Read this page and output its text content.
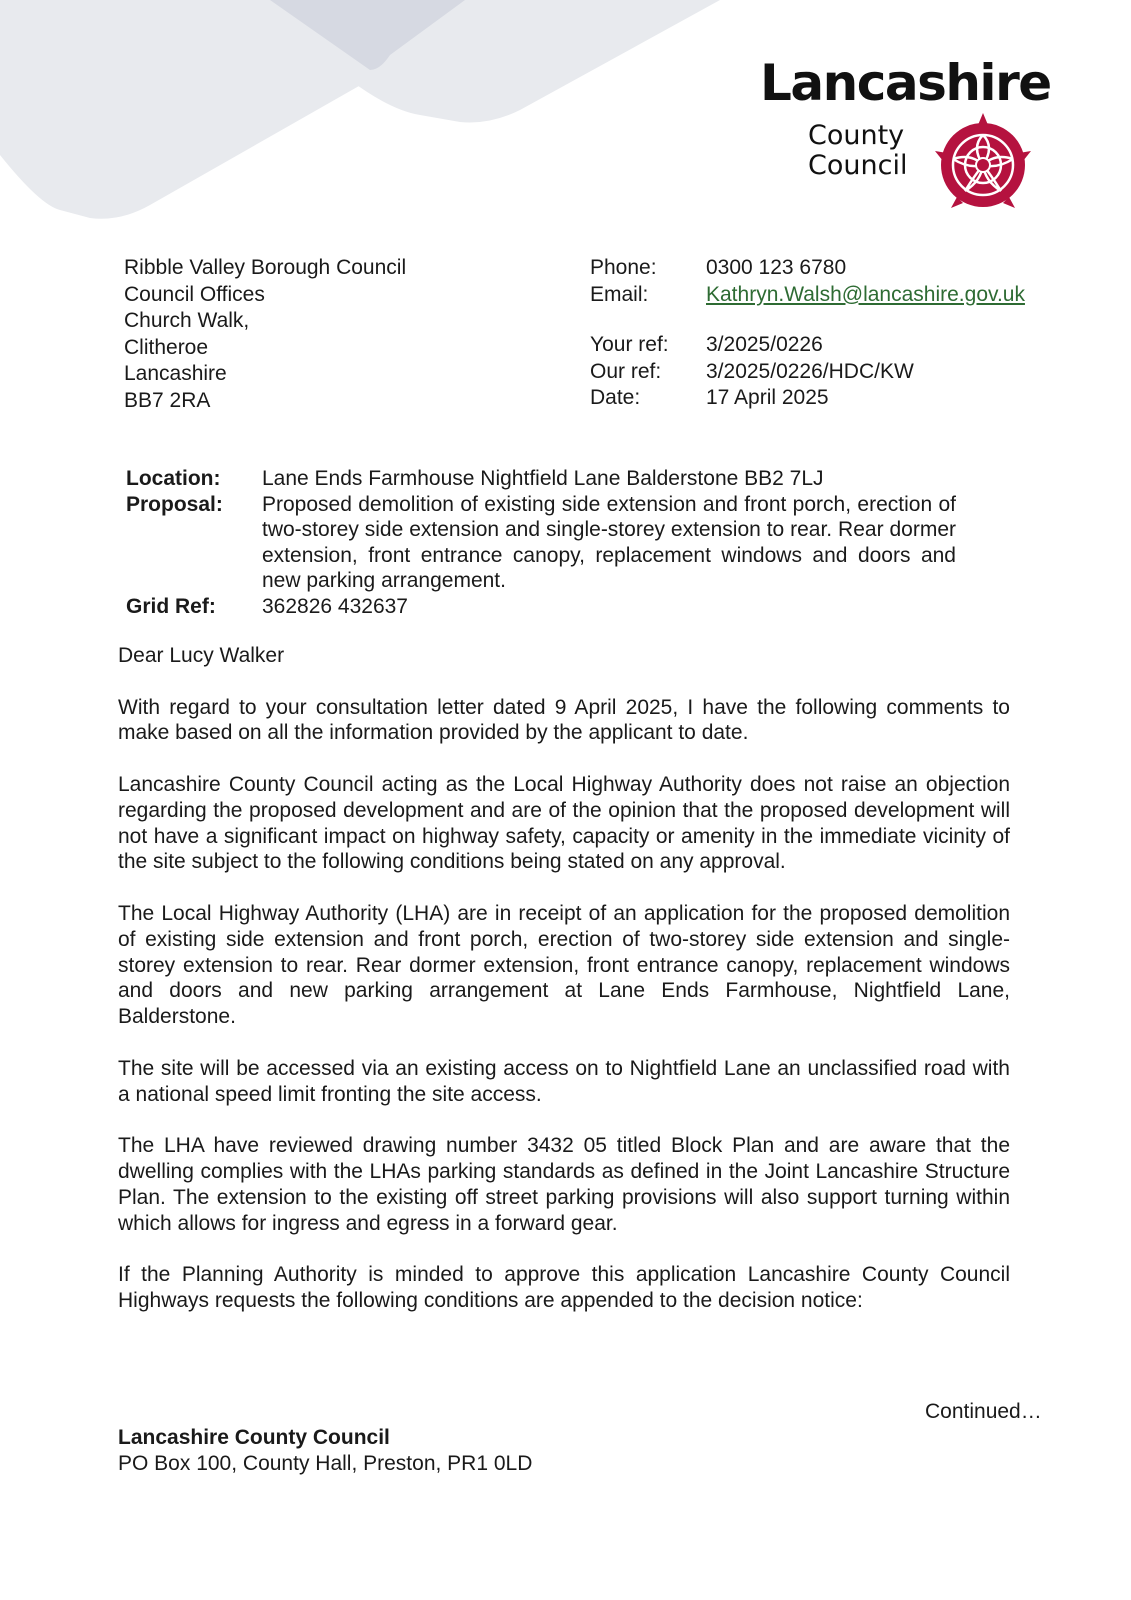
Lancashire
County
Council
Ribble Valley Borough Council
Council Offices
Church Walk,
Clitheroe
Lancashire
BB7 2RA
Phone:	0300 123 6780
Email:	Kathryn.Walsh@lancashire.gov.uk
Your ref:	3/2025/0226
Our ref:	3/2025/0226/HDC/KW
Date:	17 April 2025
Location:	Lane Ends Farmhouse Nightfield Lane Balderstone BB2 7LJ
Proposal:	Proposed demolition of existing side extension and front porch, erection of two-storey side extension and single-storey extension to rear. Rear dormer extension, front entrance canopy, replacement windows and doors and new parking arrangement.
Grid Ref:	362826 432637

Dear Lucy Walker

With regard to your consultation letter dated 9 April 2025, I have the following comments to make based on all the information provided by the applicant to date.

Lancashire County Council acting as the Local Highway Authority does not raise an objection regarding the proposed development and are of the opinion that the proposed development will not have a significant impact on highway safety, capacity or amenity in the immediate vicinity of the site subject to the following conditions being stated on any approval.

The Local Highway Authority (LHA) are in receipt of an application for the proposed demolition of existing side extension and front porch, erection of two-storey side extension and single-storey extension to rear. Rear dormer extension, front entrance canopy, replacement windows and doors and new parking arrangement at Lane Ends Farmhouse, Nightfield Lane, Balderstone.

The site will be accessed via an existing access on to Nightfield Lane an unclassified road with a national speed limit fronting the site access.

The LHA have reviewed drawing number 3432 05 titled Block Plan and are aware that the dwelling complies with the LHAs parking standards as defined in the Joint Lancashire Structure Plan. The extension to the existing off street parking provisions will also support turning within which allows for ingress and egress in a forward gear.

If the Planning Authority is minded to approve this application Lancashire County Council Highways requests the following conditions are appended to the decision notice:

Continued…
Lancashire County Council
PO Box 100, County Hall, Preston, PR1 0LD
